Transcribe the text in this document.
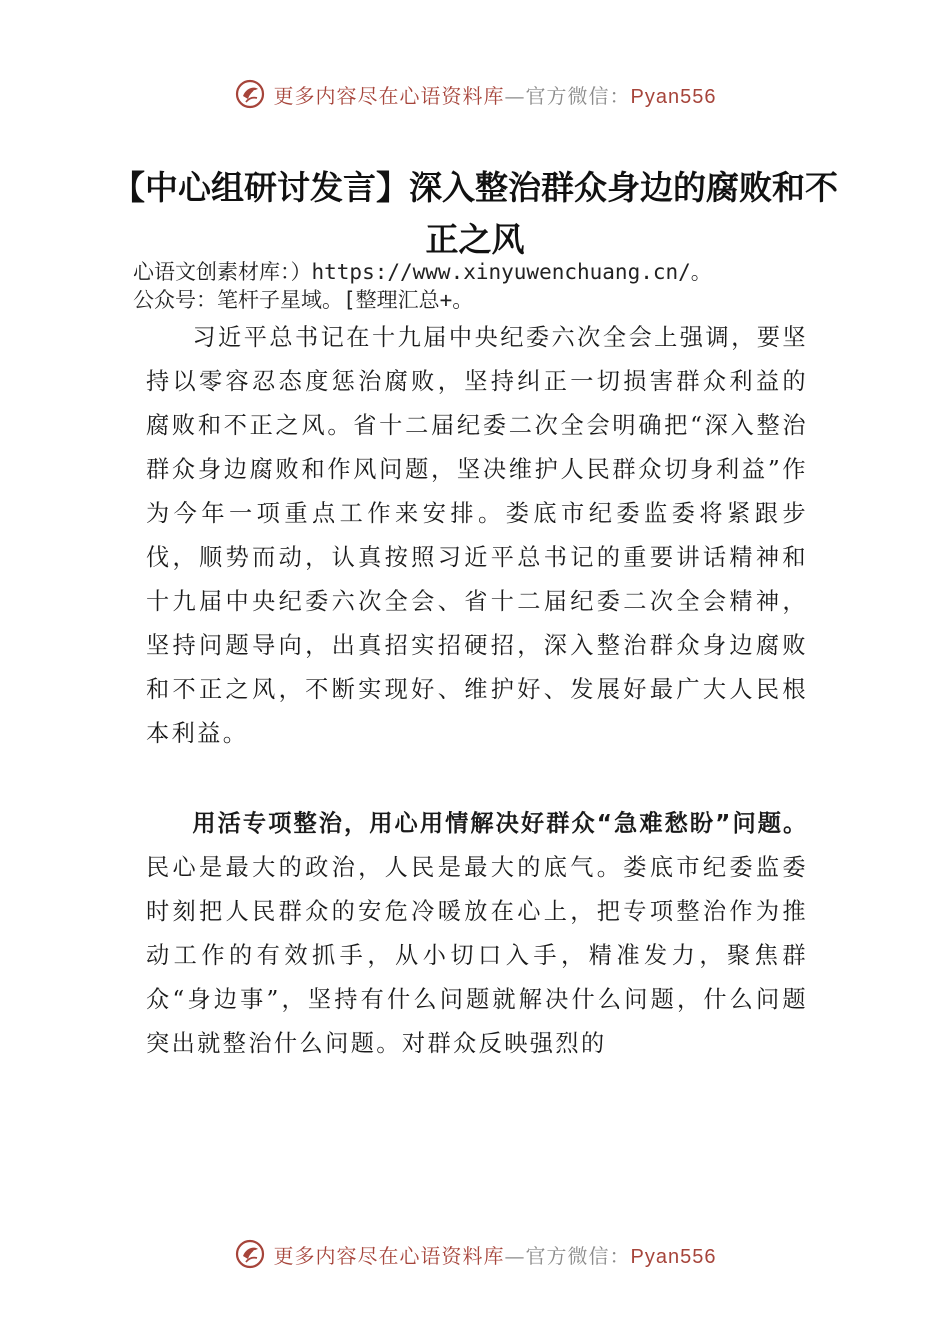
更多内容尽在心语资料库—官方微信：Pyan556
【中心组研讨发言】深入整治群众身边的腐败和不正之风
心语文创素材库：）https://www.xinyuwenchuang.cn/。
公众号：笔杆子星域。[整理汇总+。

习近平总书记在十九届中央纪委六次全会上强调，要坚持以零容忍态度惩治腐败，坚持纠正一切损害群众利益的腐败和不正之风。省十二届纪委二次全会明确把“深入整治群众身边腐败和作风问题，坚决维护人民群众切身利益”作为今年一项重点工作来安排。娄底市纪委监委将紧跟步伐，顺势而动，认真按照习近平总书记的重要讲话精神和十九届中央纪委六次全会、省十二届纪委二次全会精神，坚持问题导向，出真招实招硬招，深入整治群众身边腐败和不正之风，不断实现好、维护好、发展好最广大人民根本利益。

用活专项整治，用心用情解决好群众“急难愁盼”问题。民心是最大的政治，人民是最大的底气。娄底市纪委监委时刻把人民群众的安危冷暖放在心上，把专项整治作为推动工作的有效抓手，从小切口入手，精准发力，聚焦群众“身边事”，坚持有什么问题就解决什么问题，什么问题突出就整治什么问题。对群众反映强烈的

更多内容尽在心语资料库—官方微信：Pyan556
